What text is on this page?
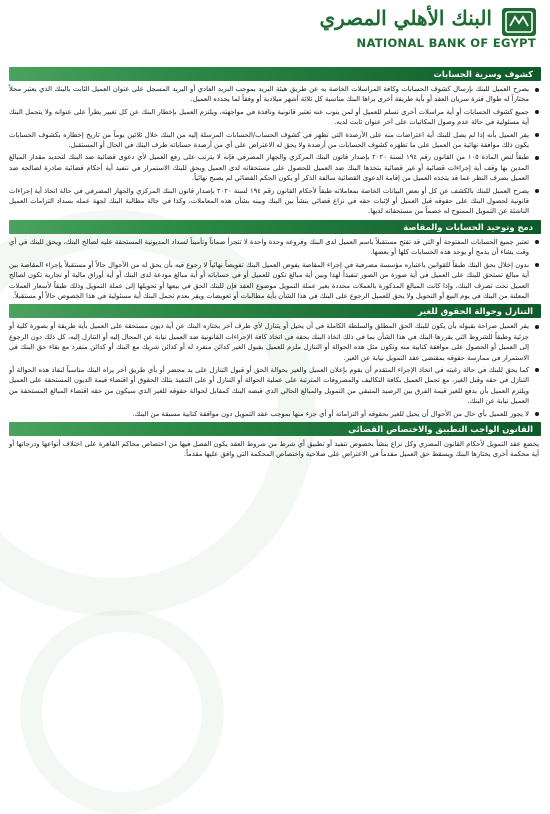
البنك الأهلي المصري
NATIONAL BANK OF EGYPT
كشوف وسرية الحسابات

يصرح العميل للبنك بإرسال كشوف الحسابات وكافة المراسلات الخاصة به عن طريق هيئة البريد بموجب البريد العادي أو البريد المسجل على عنوان العميل الثابت بالبنك الذي يعتبر محلاً مختاراً له طوال فترة سريان العقد أو بأية طريقة أخرى يراها البنك مناسبة كل ثلاثة أشهر ميلادية أو وفقاً لما يحدده العميل.

جميع كشوف الحسابات أو أية مراسلات أخرى تسلم للعميل أو لمن ينوب عنه تعتبر قانونية ونافذة في مواجهته، ويلتزم العميل بإخطار البنك عن كل تغيير يطرأ على عنوانه ولا يتحمل البنك أية مسئولية في حالة عدم وصول المكاتبات على آخر عنوان ثابت لديه.

يقر العميل بأنه إذا لم يصل للبنك أية اعتراضات منه على الأرصدة التي تظهر في كشوف الحساب/الحسابات المرسلة إليه من البنك خلال ثلاثين يوماً من تاريخ إخطاره بكشوف الحسابات يكون ذلك موافقة نهائية من العميل على ما تظهره كشوف الحسابات من أرصدة ولا يحق له الاعتراض على أي من أرصدة حساباته طرف البنك في الحال أو المستقبل.

طبقاً لنص المادة ١٠٥ من القانون رقم ١٩٤ لسنة ٢٠٢٠ بإصدار قانون البنك المركزي والجهاز المصرفي فإنه لا يترتب على رفع العميل لأي دعوى قضائية ضد البنك لتحديد مقدار المبالغ المدين بها وقف أية إجراءات قضائية أو غير قضائية يتخذها البنك ضد العميل للحصول على مستحقاته لدى العميل ويحق للبنك الاستمرار في تنفيذ أية أحكام قضائية صادرة لصالحه ضد العميل بصرف النظر عما قد يتخذه العميل من إقامة الدعوى القضائية سالفة الذكر أو يكون الحكم القضائي لم يصبح نهائياً.

يصرح العميل للبنك بالكشف عن كل أو بعض البيانات الخاصة بمعاملاته طبقاً لأحكام القانون رقم ١٩٤ لسنة ٢٠٢٠ بإصدار قانون البنك المركزي والجهاز المصرفي في حالة اتخاذ أية إجراءات قانونية لحصول البنك على حقوقه قبل العميل أو لإثبات حقه في نزاع قضائي ينشأ بين البنك وبينه بشأن هذه المعاملات، وكذا في حالة مطالبة البنك لجهة عمله بسداد التزامات العميل الناشئة عن التمويل الممنوح له خصماً من مستحقاته لديها.

دمج وتوحيد الحسابات والمقاصة

تعتبر جميع الحسابات المفتوحة أو التي قد تفتح مستقبلاً باسم العميل لدى البنك وفروعه وحدة واحدة لا تتجزأ ضماناً وتأميناً لسداد المديونية المستحقة عليه لصالح البنك، ويحق للبنك في أي وقت يشاء أن يدمج أو يوحد هذه الحسابات كلها أو بعضها.

بدون إخلال بحق البنك طبقاً للقوانين باعتباره مؤسسة مصرفية في إجراء المقاصة يفوض العميل البنك تفويضاً نهائياً لا رجوع فيه بأن يحق له من الأحوال حالاً أو مستقبلاً بإجراء المقاصة بين أية مبالغ تستحق للبنك على العميل في أية صورة من الصور تنفيذاً لهذا وبين أية مبالغ تكون للعميل أو في حساباته أو أية مبالغ مودعة لدى البنك أو أية أوراق مالية أو تجارية تكون لصالح العميل تحت تصرف البنك، وإذا كانت المبالغ المذكورة بالعملات محددة بغير عملة التمويل موضوع العقد فإن للبنك الحق في بيعها أو تحويلها إلى عملة التمويل وذلك طبقاً لأسعار العملات المعلنة من البنك في يوم البيع أو التحويل ولا يحق للعميل الرجوع على البنك في هذا الشأن بأية مطالبات أو تعويضات ويقر بعدم تحمل البنك أية مسئولية في هذا الخصوص حالاً أو مستقبلاً.

التنازل وحوالة الحقوق للغير

يقر العميل صراحة بقبوله بأن يكون للبنك الحق المطلق والسلطة الكاملة في أن يحيل أو يتنازل لأي طرف آخر يختاره البنك عن أية ديون مستحقة على العميل بأية طريقة أو بصورة كلية أو جزئية وطبقاً للشروط التي يقررها البنك في هذا الشأن بما في ذلك اتخاذ البنك بحقه في اتخاذ كافة الإجراءات القانونية ضد العميل نيابة عن المحال إليه أو التنازل إليه، كل ذلك دون الرجوع إلى العميل أو الحصول على موافقة كتابية منه وتكون مثل هذه الحوالة أو التنازل ملزم للعميل بقبول الغير كدائن منفرد له أو كدائن شريك مع البنك أو كدائن منفرد مع بقاء حق البنك في الاستمرار في ممارسة حقوقه بمقتضى عقد التمويل نيابة عن الغير.

كما يحق للبنك في حالة رغبته في اتخاذ الإجراء المتقدم أن يقوم بإعلان العميل والغير بحوالة الحق أو قبول التنازل على يد محضر أو بأي طريق آخر يراه البنك مناسباً لنفاذ هذه الحوالة أو التنازل في حقه وقبل الغير، مع تحمل العميل بكافة التكاليف والمصروفات المترتبة على عملية الحوالة أو التنازل أو على التنفيذ بتلك الحقوق أو اقتضاء قيمة الديون المستحقة على العميل ويلتزم العميل بأن يدفع للغير قيمة الفرق بين الرصيد المتبقي من التمويل والمبالغ الحالي الذي قبضه البنك كمقابل لحوالة حقوقه للغير الذي سيكون من حقه اقتضاء المبالغ المستحقة من العميل نيابة عن البنك.

لا يجوز للعميل بأي حال من الأحوال أن يحيل للغير بحقوقه أو التزاماته أو أي جزء منها بموجب عقد التمويل دون موافقة كتابية مسبقة من البنك.

القانون الواجب التطبيق والاختصاص القضائي

يخضع عقد التمويل لأحكام القانون المصري وكل نزاع ينشأ بخصوص تنفيذ أو تطبيق أي شرط من شروط العقد يكون الفصل فيها من اختصاص محاكم القاهرة على اختلاف أنواعها ودرجاتها أو أية محكمة أخرى يختارها البنك ويسقط حق العميل مقدماً في الاعتراض على صلاحية واختصاص المحكمة التي وافق عليها مقدماً.
